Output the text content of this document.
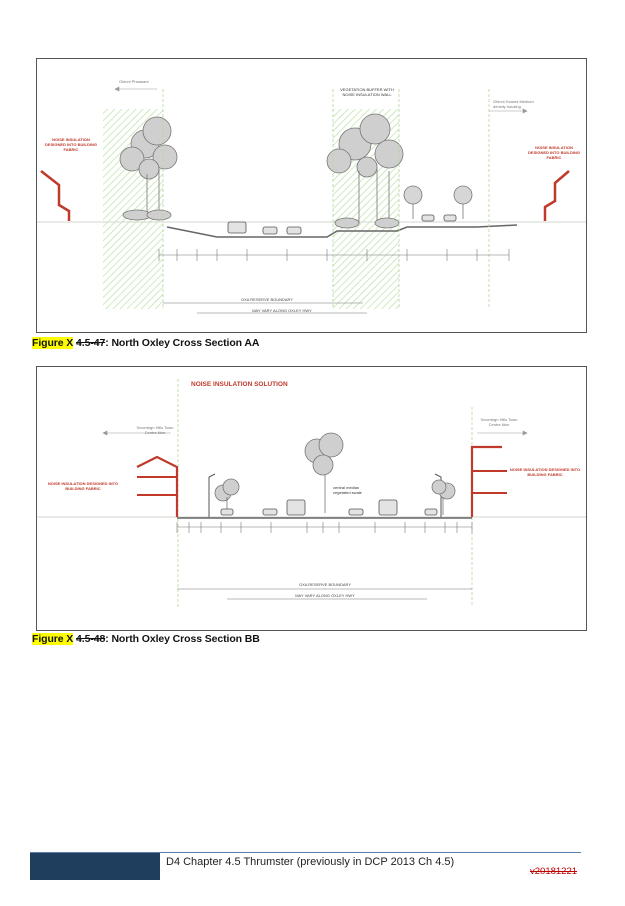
Ghinni Pheasant
VEGETATION BUFFER WITH NOISE INSULATION WALL
Ghinni Homes Medium density housing
NOISE INSULATION DESIGNED INTO BUILDING FABRIC	NOISE INSULATION DESIGNED INTO BUILDING FABRIC
OXA RESERVE BOUNDARY
MAY VARY ALONG OXLEY HWY
Figure X 4.5-47: North Oxley Cross Section AA
NOISE INSULATION SOLUTION
Sovereign Hills Town Centre 6km
Sovereign Hills Town Centre 6km
NOISE INSULATION DESIGNED INTO BUILDING FABRIC
NOISE INSULATION DESIGNED INTO BUILDING FABRIC
central median vegetated swale
OXA RESERVE BOUNDARY
MAY VARY ALONG OXLEY HWY
Figure X 4.5-48: North Oxley Cross Section BB
D4 Chapter 4.5 Thrumster (previously in DCP 2013 Ch 4.5)
v20181221
